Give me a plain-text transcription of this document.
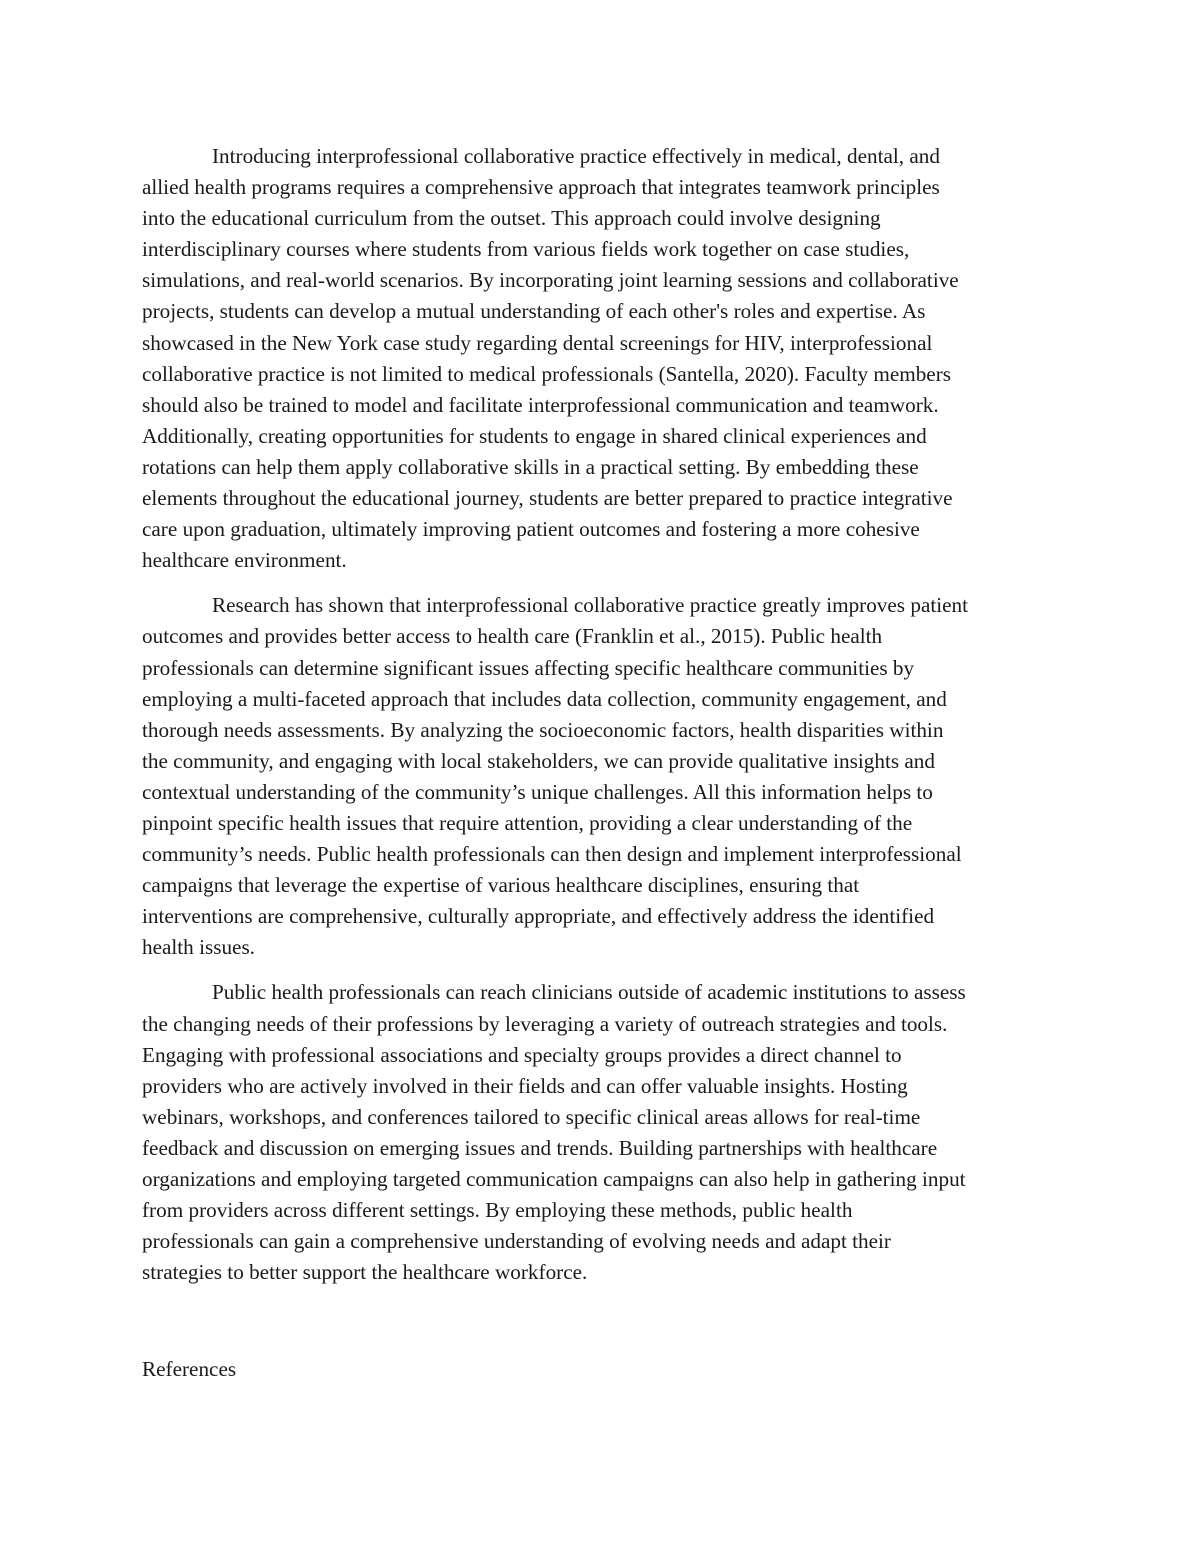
Introducing interprofessional collaborative practice effectively in medical, dental, and
allied health programs requires a comprehensive approach that integrates teamwork principles
into the educational curriculum from the outset. This approach could involve designing
interdisciplinary courses where students from various fields work together on case studies,
simulations, and real-world scenarios. By incorporating joint learning sessions and collaborative
projects, students can develop a mutual understanding of each other's roles and expertise. As
showcased in the New York case study regarding dental screenings for HIV, interprofessional
collaborative practice is not limited to medical professionals (Santella, 2020). Faculty members
should also be trained to model and facilitate interprofessional communication and teamwork.
Additionally, creating opportunities for students to engage in shared clinical experiences and
rotations can help them apply collaborative skills in a practical setting. By embedding these
elements throughout the educational journey, students are better prepared to practice integrative
care upon graduation, ultimately improving patient outcomes and fostering a more cohesive
healthcare environment.
Research has shown that interprofessional collaborative practice greatly improves patient
outcomes and provides better access to health care (Franklin et al., 2015). Public health
professionals can determine significant issues affecting specific healthcare communities by
employing a multi-faceted approach that includes data collection, community engagement, and
thorough needs assessments. By analyzing the socioeconomic factors, health disparities within
the community, and engaging with local stakeholders, we can provide qualitative insights and
contextual understanding of the community’s unique challenges. All this information helps to
pinpoint specific health issues that require attention, providing a clear understanding of the
community’s needs. Public health professionals can then design and implement interprofessional
campaigns that leverage the expertise of various healthcare disciplines, ensuring that
interventions are comprehensive, culturally appropriate, and effectively address the identified
health issues.
Public health professionals can reach clinicians outside of academic institutions to assess
the changing needs of their professions by leveraging a variety of outreach strategies and tools.
Engaging with professional associations and specialty groups provides a direct channel to
providers who are actively involved in their fields and can offer valuable insights. Hosting
webinars, workshops, and conferences tailored to specific clinical areas allows for real-time
feedback and discussion on emerging issues and trends. Building partnerships with healthcare
organizations and employing targeted communication campaigns can also help in gathering input
from providers across different settings. By employing these methods, public health
professionals can gain a comprehensive understanding of evolving needs and adapt their
strategies to better support the healthcare workforce.
References
